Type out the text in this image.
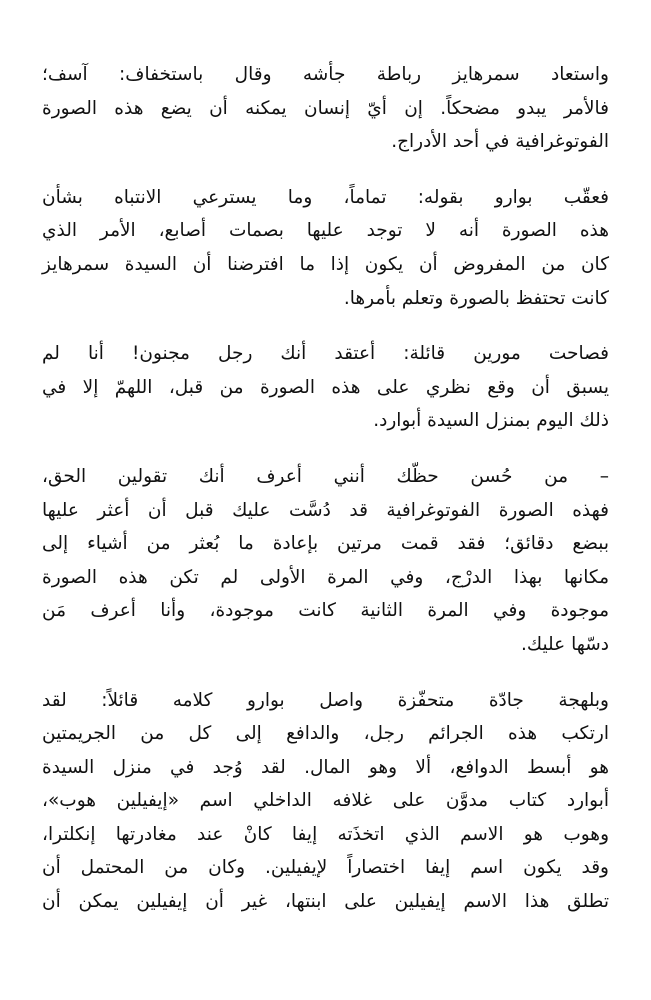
واستعاد سمرهايز رباطة جأشه وقال باستخفاف: آسف؛
فالأمر يبدو مضحكاً. إن أيّ إنسان يمكنه أن يضع هذه الصورة
الفوتوغرافية في أحد الأدراج.
فعقّب بوارو بقوله: تماماً، وما يسترعي الانتباه بشأن
هذه الصورة أنه لا توجد عليها بصمات أصابع، الأمر الذي
كان من المفروض أن يكون إذا ما افترضنا أن السيدة سمرهايز
كانت تحتفظ بالصورة وتعلم بأمرها.
فصاحت مورين قائلة: أعتقد أنك رجل مجنون! أنا لم
يسبق أن وقع نظري على هذه الصورة من قبل، اللهمّ إلا في
ذلك اليوم بمنزل السيدة أبوارد.
– من حُسن حظّك أنني أعرف أنك تقولين الحق،
فهذه الصورة الفوتوغرافية قد دُسَّت عليك قبل أن أعثر عليها
ببضع دقائق؛ فقد قمت مرتين بإعادة ما بُعثر من أشياء إلى
مكانها بهذا الدرْج، وفي المرة الأولى لم تكن هذه الصورة
موجودة وفي المرة الثانية كانت موجودة، وأنا أعرف مَن
دسّها عليك.
وبلهجة جادّة متحفّزة واصل بوارو كلامه قائلاً: لقد
ارتكب هذه الجرائم رجل، والدافع إلى كل من الجريمتين
هو أبسط الدوافع، ألا وهو المال. لقد وُجد في منزل السيدة
أبوارد كتاب مدوَّن على غلافه الداخلي اسم «إيفيلين هوب»،
وهوب هو الاسم الذي اتخذَته إيفا كانْ عند مغادرتها إنكلترا،
وقد يكون اسم إيفا اختصاراً لإيفيلين. وكان من المحتمل أن
تطلق هذا الاسم إيفيلين على ابنتها، غير أن إيفيلين يمكن أن
